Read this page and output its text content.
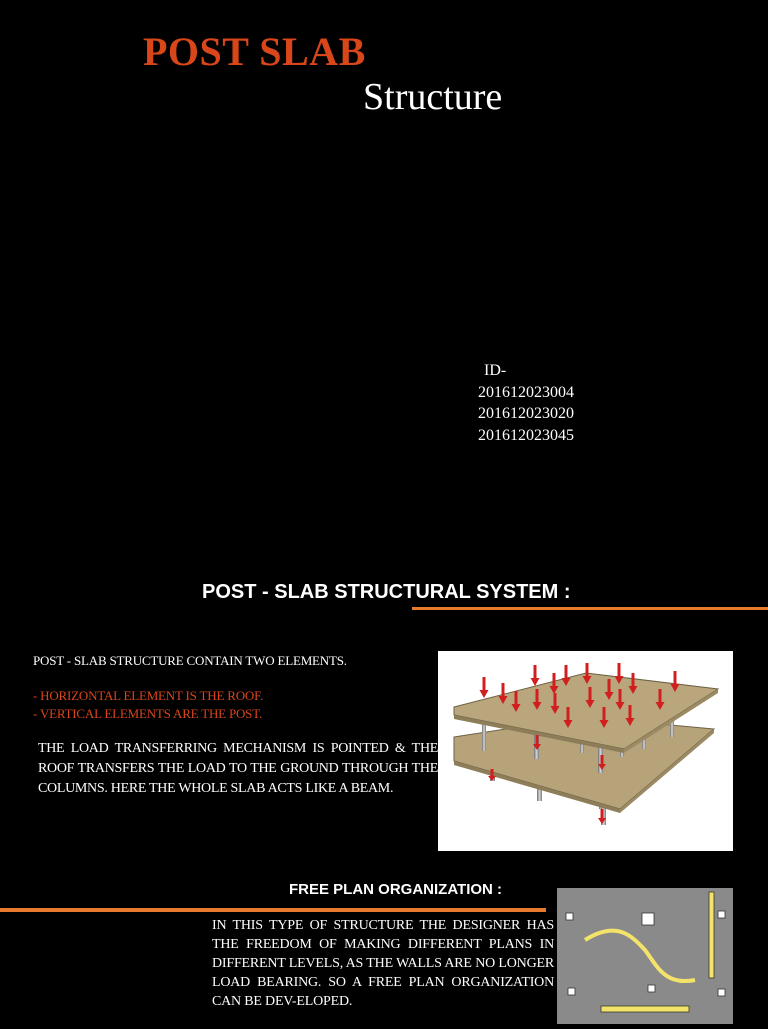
POST SLAB
Structure
ID-
201612023004
201612023020
201612023045
POST - SLAB STRUCTURAL SYSTEM :
POST - SLAB STRUCTURE CONTAIN TWO ELEMENTS.
- HORIZONTAL ELEMENT IS THE ROOF.
- VERTICAL ELEMENTS ARE THE POST.
THE LOAD TRANSFERRING MECHANISM IS POINTED & THE ROOF TRANSFERS THE LOAD TO THE GROUND THROUGH THE COLUMNS. HERE THE WHOLE SLAB ACTS LIKE A BEAM.
FREE PLAN ORGANIZATION :
IN THIS TYPE OF STRUCTURE THE DESIGNER HAS THE FREEDOM OF MAKING DIFFERENT PLANS IN DIFFERENT LEVELS, AS THE WALLS ARE NO LONGER LOAD BEARING. SO A FREE PLAN ORGANIZATION CAN BE DEV-ELOPED.
